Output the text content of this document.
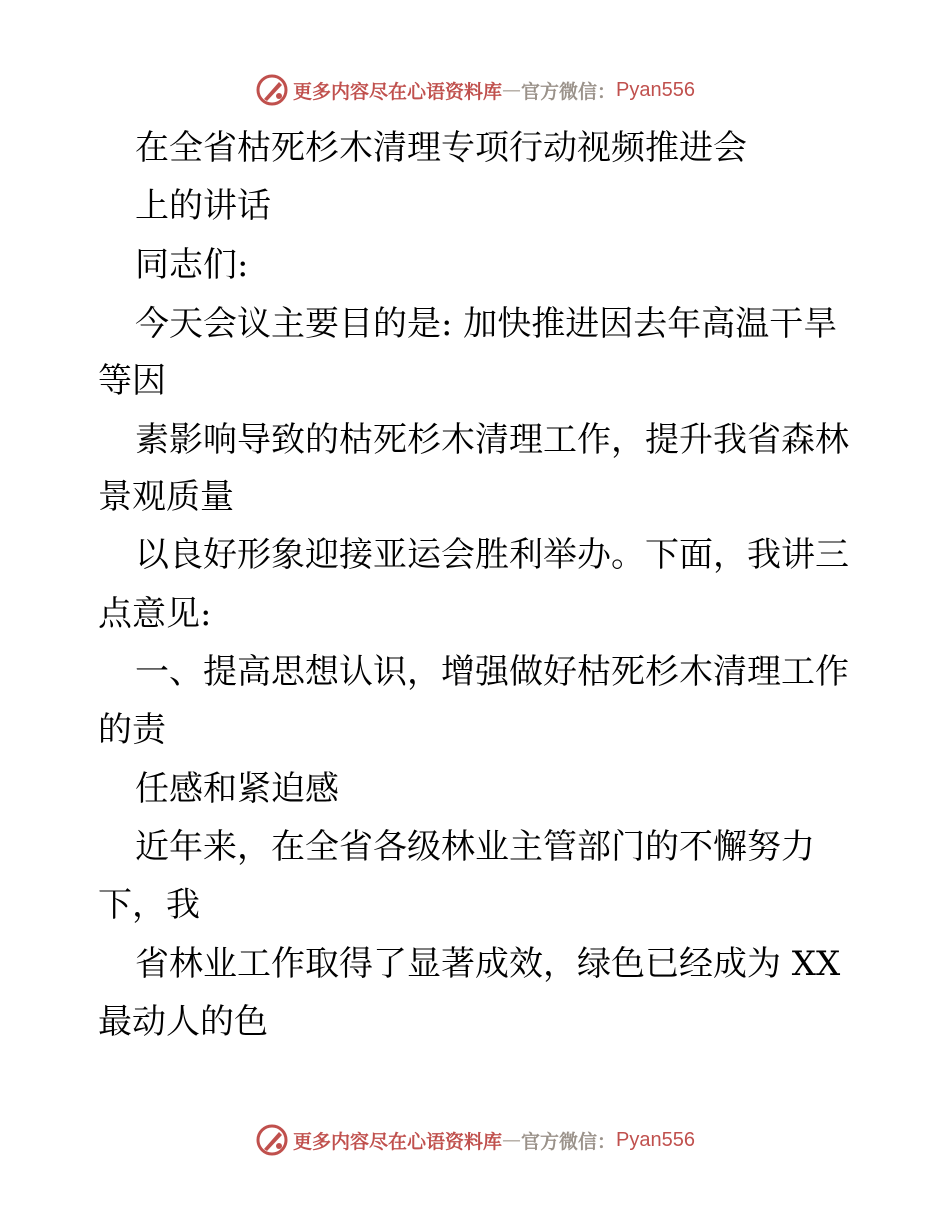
更多内容尽在心语资料库 — 官方微信： Pyan556
在全省枯死杉木清理专项行动视频推进会
上的讲话
同志们:
今天会议主要目的是: 加快推进因去年高温干旱
等因
素影响导致的枯死杉木清理工作，提升我省森林
景观质量
以良好形象迎接亚运会胜利举办。下面，我讲三
点意见:
一、提高思想认识，增强做好枯死杉木清理工作
的责
任感和紧迫感
近年来，在全省各级林业主管部门的不懈努力
下，我
省林业工作取得了显著成效，绿色已经成为 XX
最动人的色
更多内容尽在心语资料库 — 官方微信： Pyan556
